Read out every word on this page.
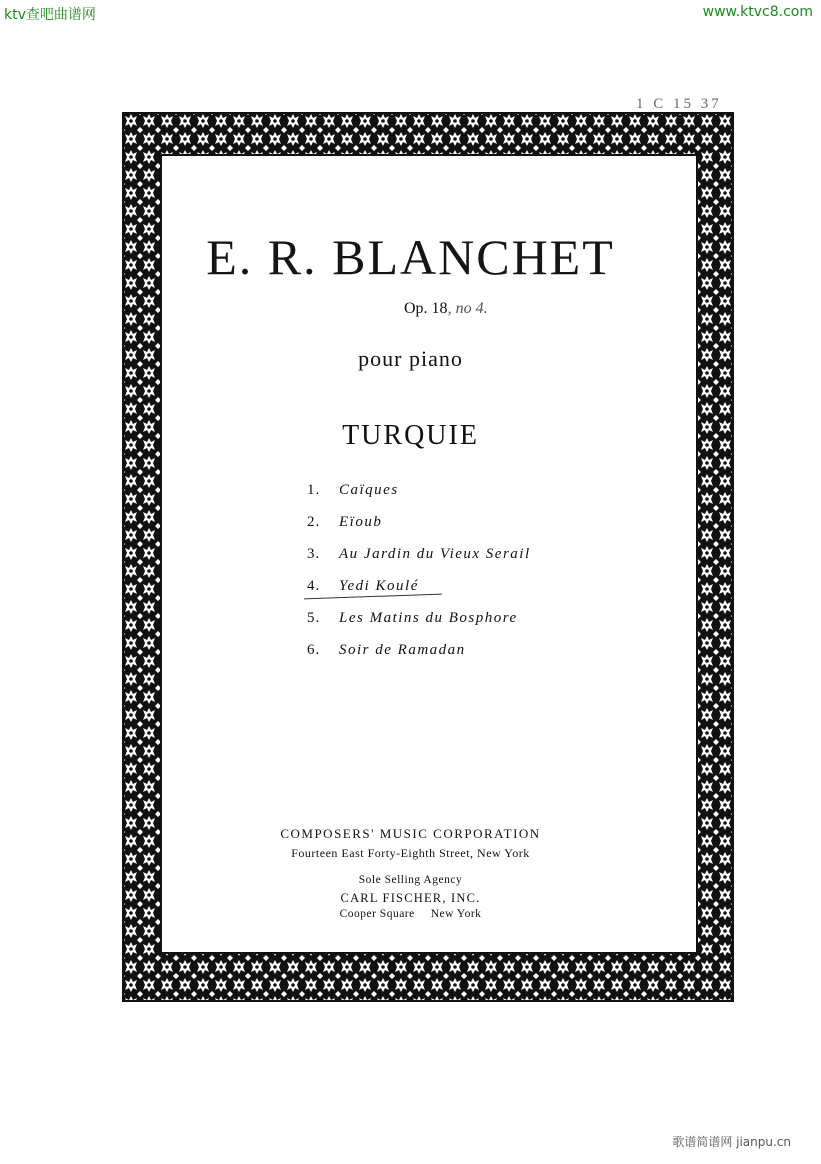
ktv查吧曲谱网	www.ktvc8.com
歌谱简谱网 jianpu.cn
1 C 15 37
E. R. BLANCHET
Op. 18, no 4.
pour piano
TURQUIE
1. Caïques
2. Eïoub
3. Au Jardin du Vieux Serail
4. Yedi Koulé
5. Les Matins du Bosphore
6. Soir de Ramadan
COMPOSERS' MUSIC CORPORATION
Fourteen East Forty-Eighth Street, New York
Sole Selling Agency
CARL FISCHER, INC.
Cooper Square New York
